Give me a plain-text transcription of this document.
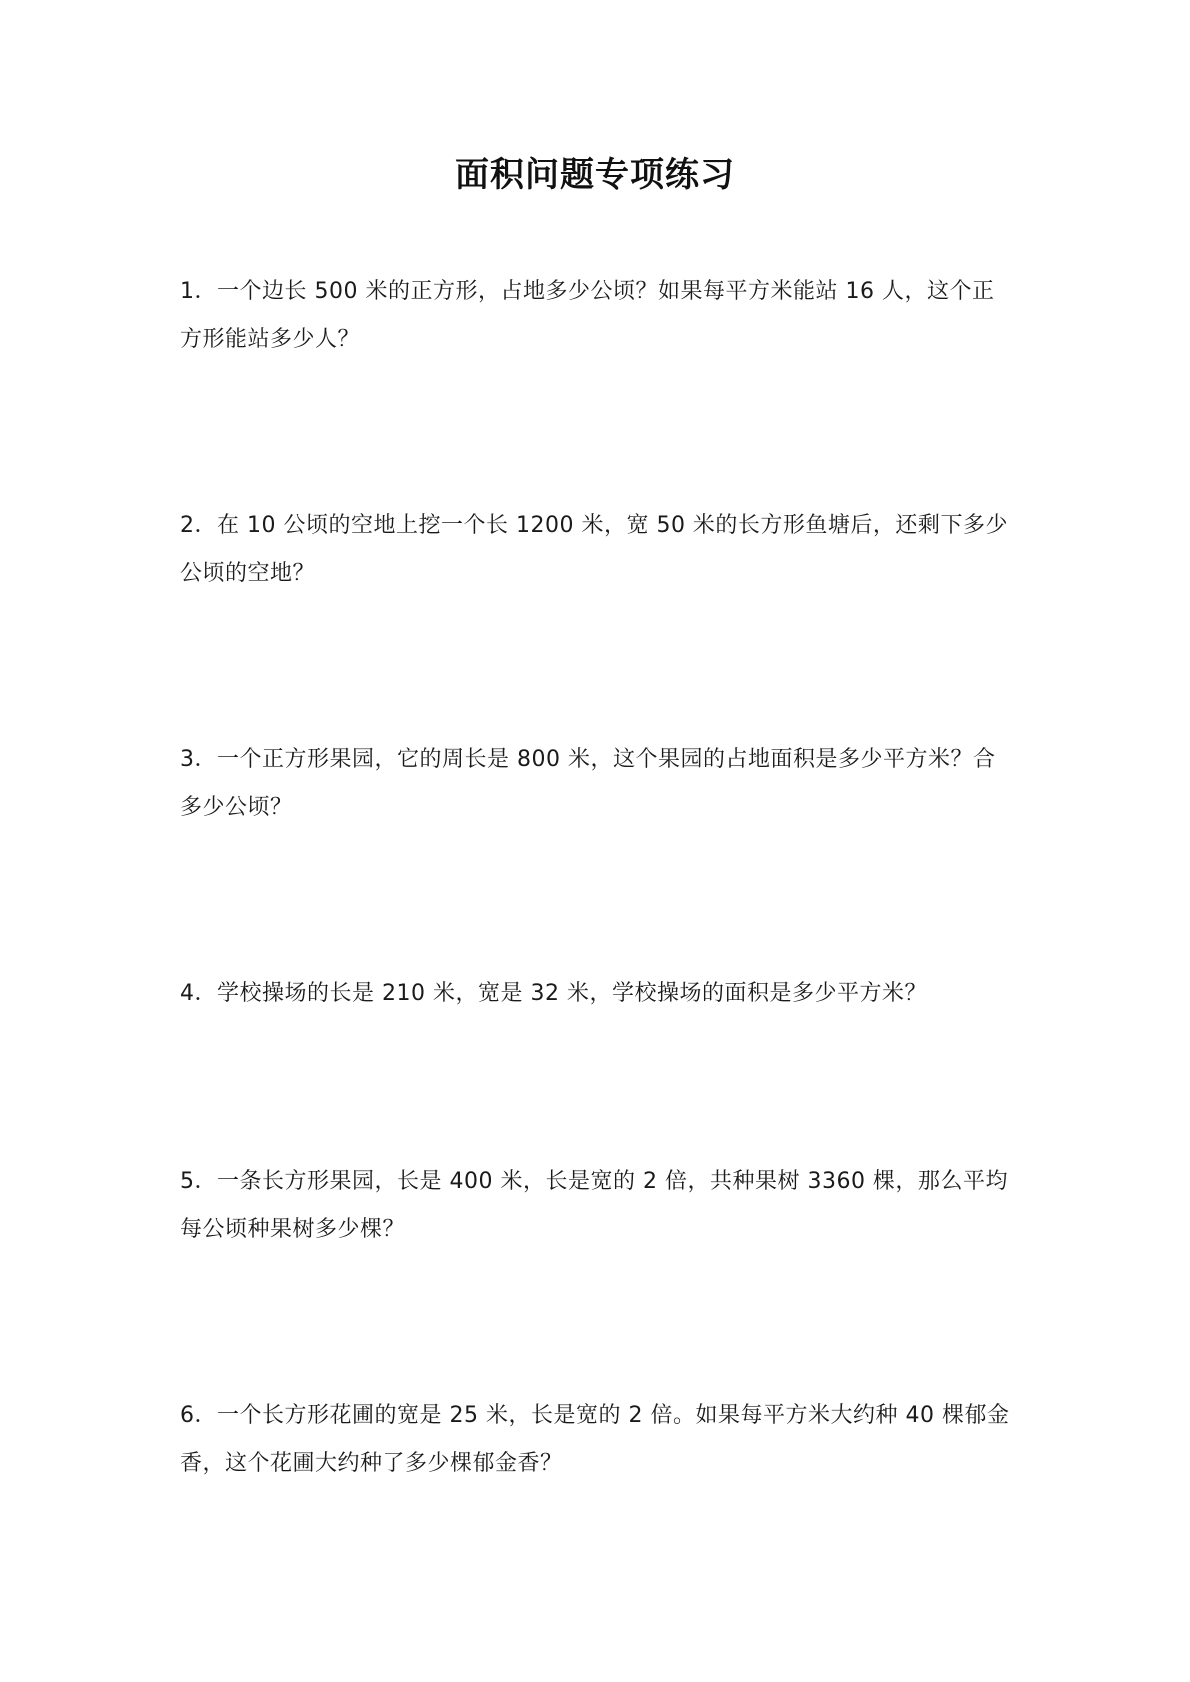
面积问题专项练习
1．一个边长 500 米的正方形，占地多少公顷？如果每平方米能站 16 人，这个正方形能站多少人？
2．在 10 公顷的空地上挖一个长 1200 米，宽 50 米的长方形鱼塘后，还剩下多少公顷的空地？
3．一个正方形果园，它的周长是 800 米，这个果园的占地面积是多少平方米？合多少公顷？
4．学校操场的长是 210 米，宽是 32 米，学校操场的面积是多少平方米？
5．一条长方形果园，长是 400 米，长是宽的 2 倍，共种果树 3360 棵，那么平均每公顷种果树多少棵？
6．一个长方形花圃的宽是 25 米，长是宽的 2 倍。如果每平方米大约种 40 棵郁金香，这个花圃大约种了多少棵郁金香？
